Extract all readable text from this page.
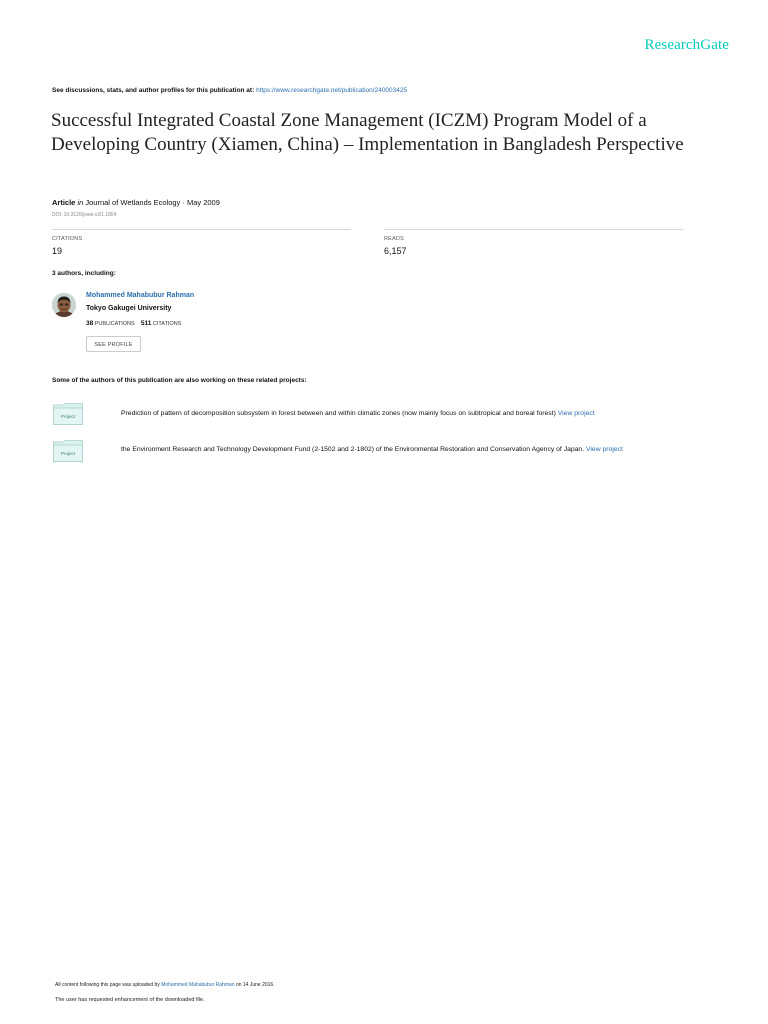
ResearchGate
See discussions, stats, and author profiles for this publication at: https://www.researchgate.net/publication/240003425
Successful Integrated Coastal Zone Management (ICZM) Program Model of a Developing Country (Xiamen, China) – Implementation in Bangladesh Perspective
Article in Journal of Wetlands Ecology · May 2009
DOI: 10.3126/jowe.v2i1.1854
CITATIONS
19
READS
6,157
3 authors, including:
Mohammed Mahabubur Rahman
Tokyo Gakugei University
38 PUBLICATIONS 511 CITATIONS
SEE PROFILE
Some of the authors of this publication are also working on these related projects:
Project	Prediction of pattern of decomposition subsystem in forest between and within climatic zones (now mainly focus on subtropical and boreal forest) View project
Project
the Environment Research and Technology Development Fund (2-1502 and 2-1802) of the Environmental Restoration and Conservation Agency of Japan. View project
All content following this page was uploaded by Mohammed Mahabubur Rahman on 14 June 2016.
The user has requested enhancement of the downloaded file.
